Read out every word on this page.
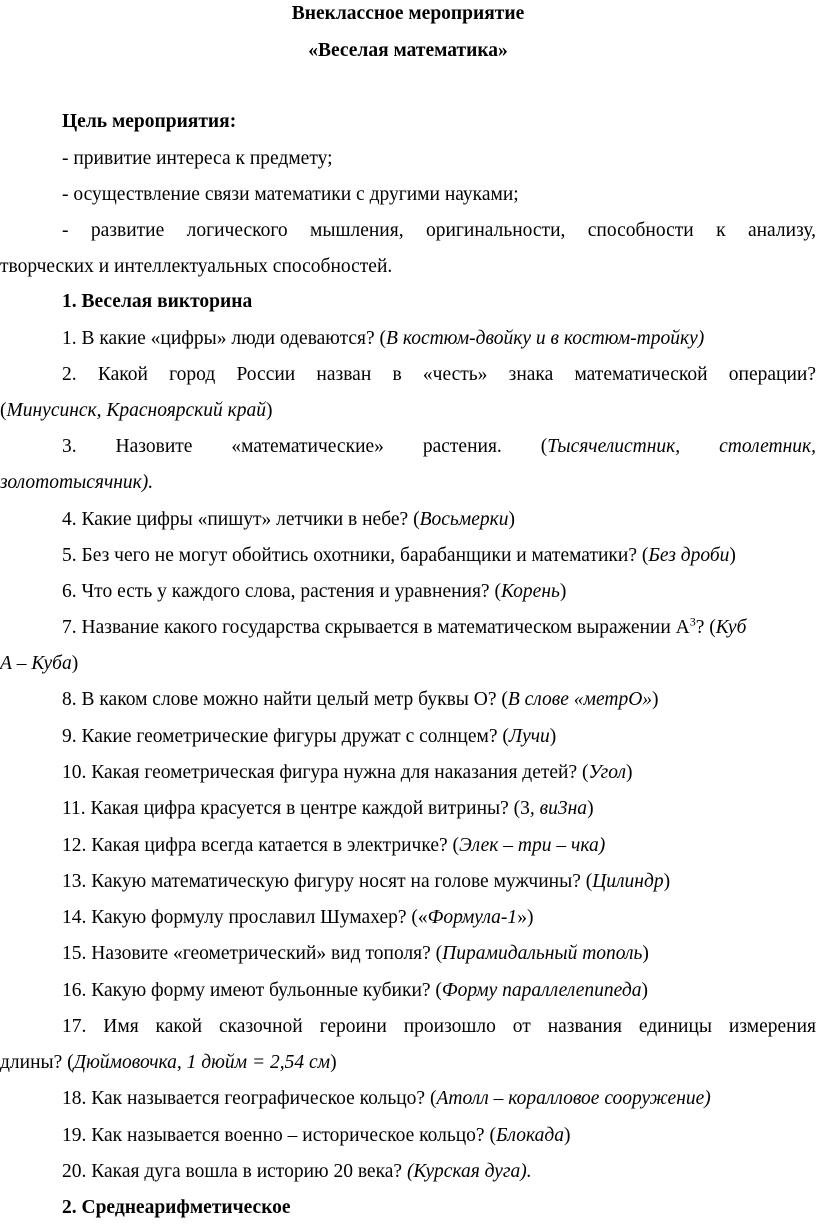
Внеклассное мероприятие
«Веселая математика»
Цель мероприятия:
- привитие интереса к предмету;
- осуществление связи математики с другими науками;
- развитие логического мышления, оригинальности, способности к анализу,
творческих и интеллектуальных способностей.
1. Веселая викторина
1. В какие «цифры» люди одеваются? (В костюм-двойку и в костюм-тройку)
2. Какой город России назван в «честь» знака математической операции?
(Минусинск, Красноярский край)
3. Назовите «математические» растения. (Тысячелистник, столетник,
золототысячник).
4. Какие цифры «пишут» летчики в небе? (Восьмерки)
5. Без чего не могут обойтись охотники, барабанщики и математики? (Без дроби)
6. Что есть у каждого слова, растения и уравнения? (Корень)
7. Название какого государства скрывается в математическом выражении $А^3$? (Куб
А – Куба)
8. В каком слове можно найти целый метр буквы О? (В слове «метрО»)
9. Какие геометрические фигуры дружат с солнцем? (Лучи)
10. Какая геометрическая фигура нужна для наказания детей? (Угол)
11. Какая цифра красуется в центре каждой витрины? (3, ви3на)
12. Какая цифра всегда катается в электричке? (Элек – три – чка)
13. Какую математическую фигуру носят на голове мужчины? (Цилиндр)
14. Какую формулу прославил Шумахер? («Формула-1»)
15. Назовите «геометрический» вид тополя? (Пирамидальный тополь)
16. Какую форму имеют бульонные кубики? (Форму параллелепипеда)
17. Имя какой сказочной героини произошло от названия единицы измерения
длины? (Дюймовочка, 1 дюйм = 2,54 см)
18. Как называется географическое кольцо? (Атолл – коралловое сооружение)
19. Как называется военно – историческое кольцо? (Блокада)
20. Какая дуга вошла в историю 20 века? (Курская дуга).
2. Среднеарифметическое
